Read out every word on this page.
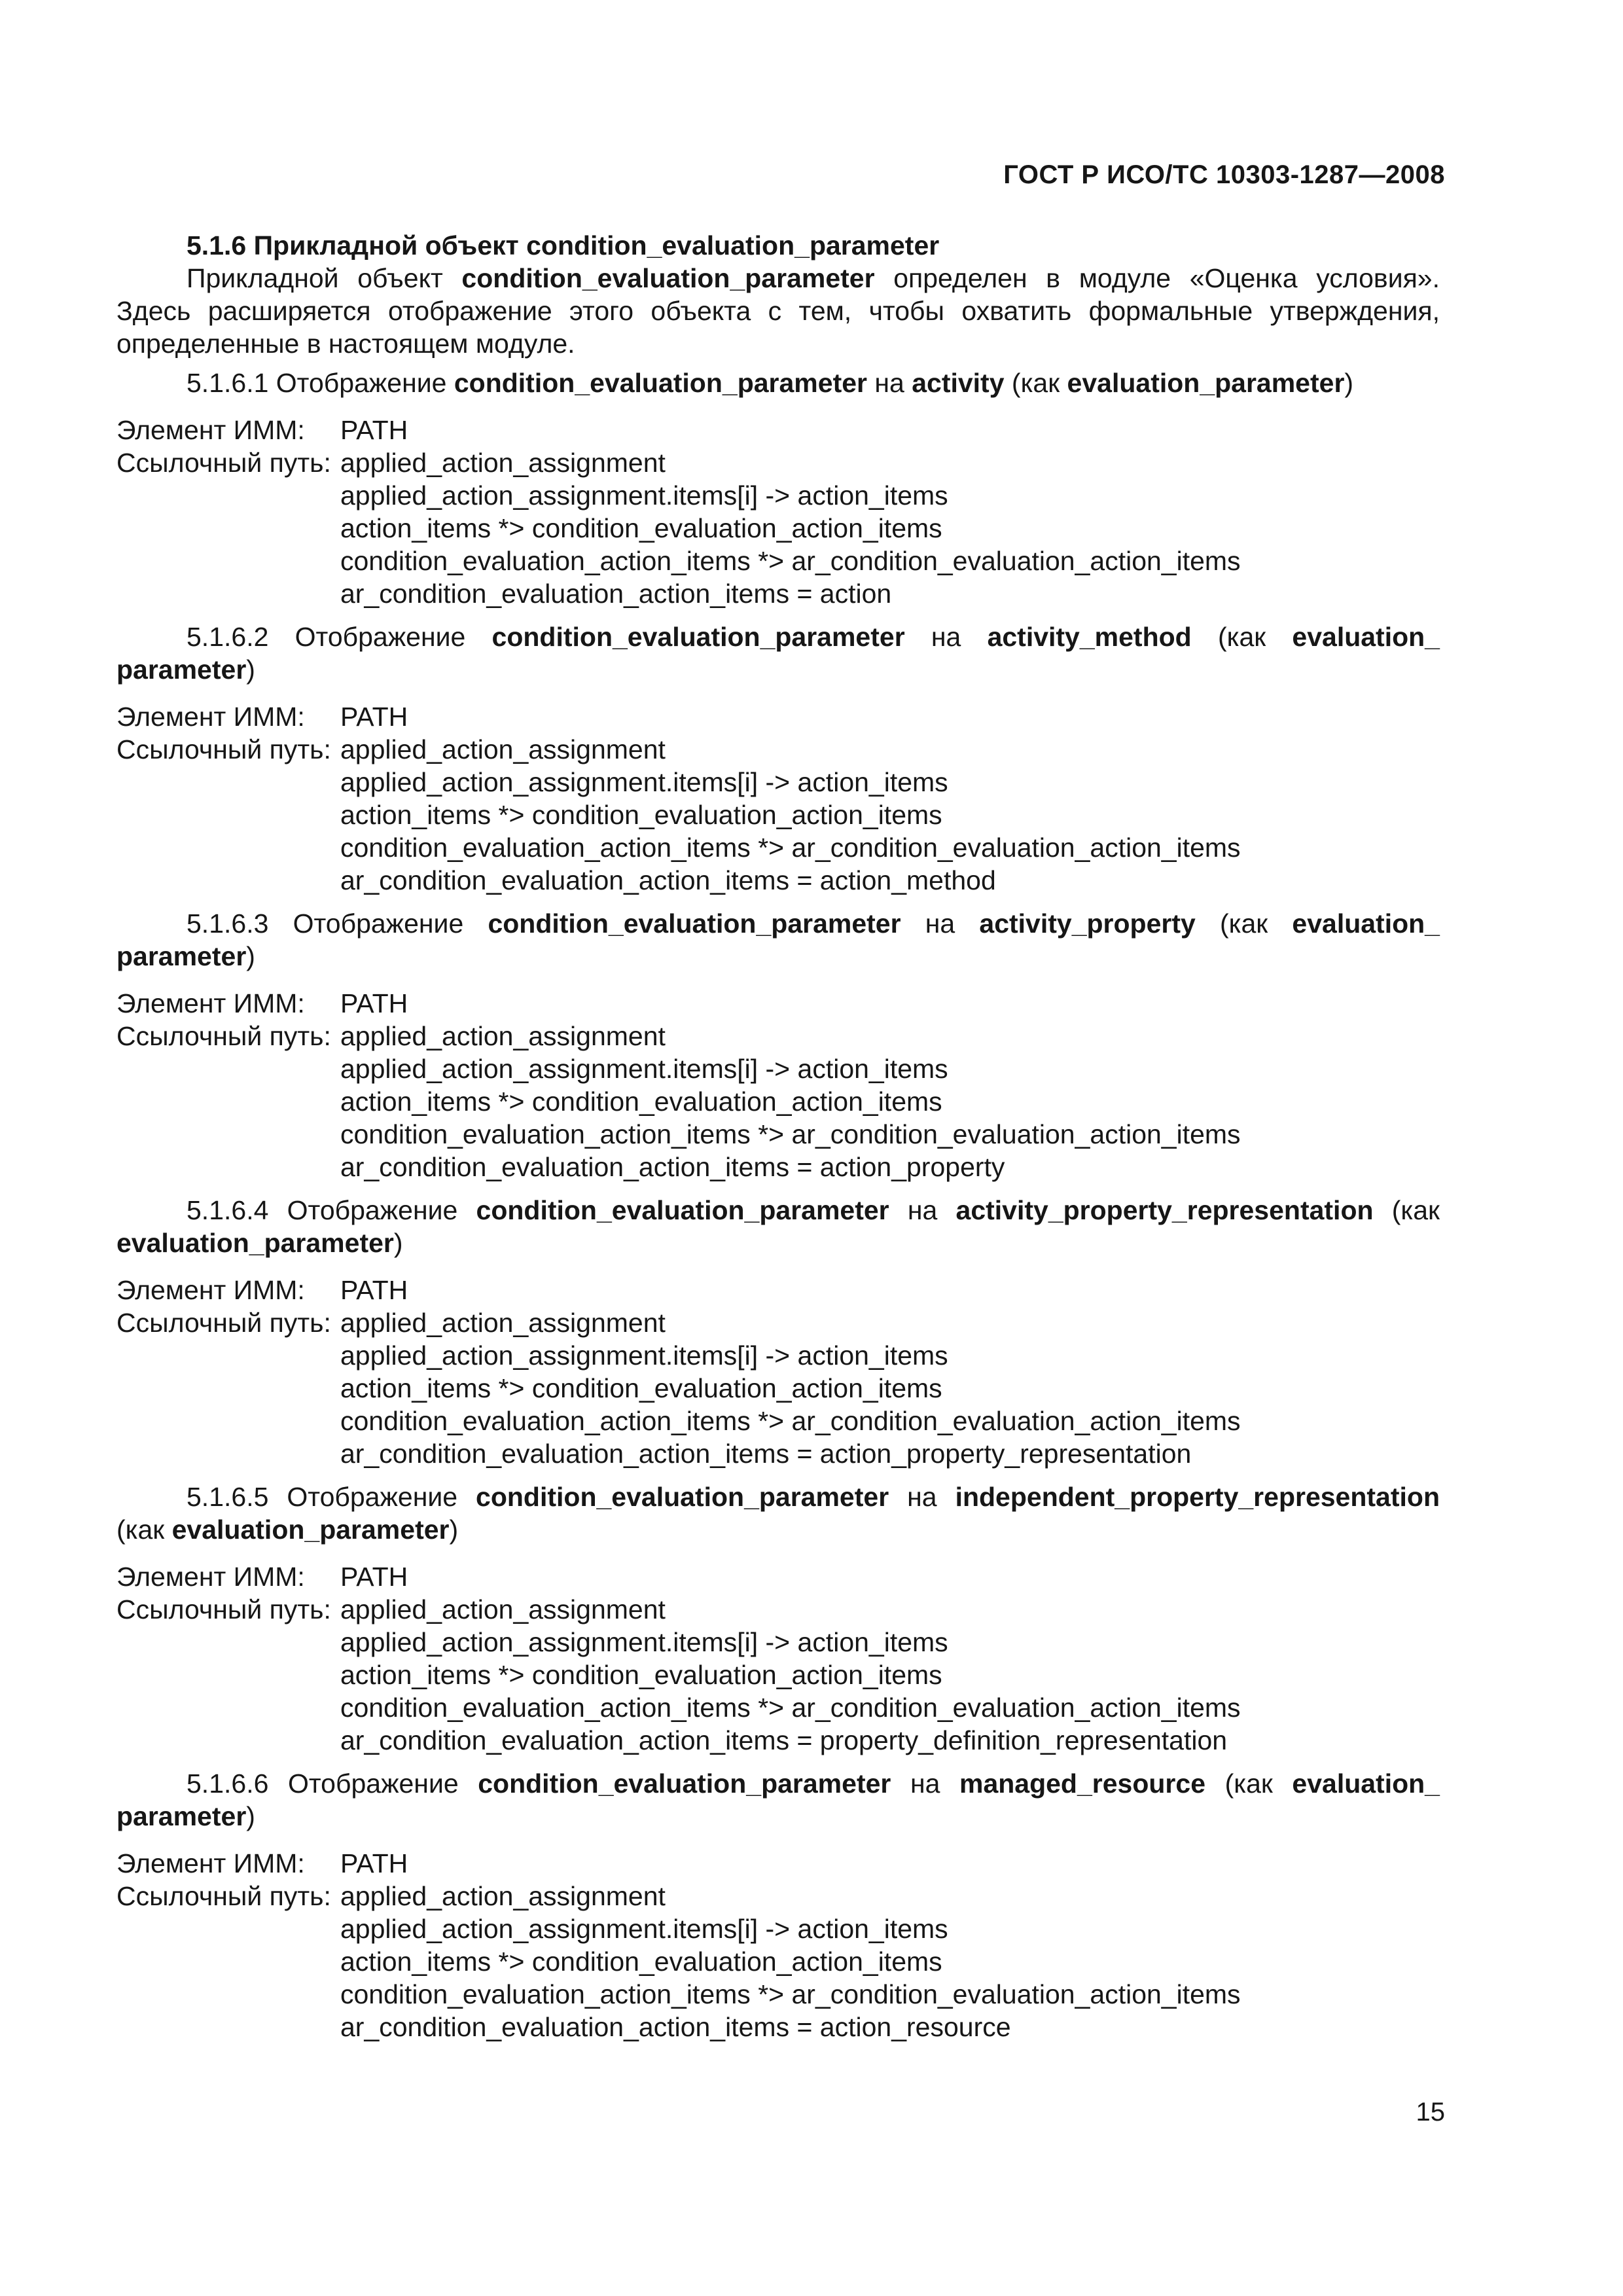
ГОСТ Р ИСО/ТС 10303-1287—2008
5.1.6 Прикладной объект condition_evaluation_parameter
Прикладной объект condition_evaluation_parameter определен в модуле «Оценка условия». Здесь расширяется отображение этого объекта с тем, чтобы охватить формальные утверждения, определенные в настоящем модуле.
5.1.6.1 Отображение condition_evaluation_parameter на activity (как evaluation_parameter)
Элемент ИММ:	PATH
Ссылочный путь: applied_action_assignment
applied_action_assignment.items[i] -> action_items
action_items *> condition_evaluation_action_items
condition_evaluation_action_items *> ar_condition_evaluation_action_items
ar_condition_evaluation_action_items = action
5.1.6.2 Отображение condition_evaluation_parameter на activity_method (как evaluation_ parameter)
Элемент ИММ:	PATH
Ссылочный путь: applied_action_assignment
applied_action_assignment.items[i] -> action_items
action_items *> condition_evaluation_action_items
condition_evaluation_action_items *> ar_condition_evaluation_action_items
ar_condition_evaluation_action_items = action_method
5.1.6.3 Отображение condition_evaluation_parameter на activity_property (как evaluation_ parameter)
Элемент ИММ:	PATH
Ссылочный путь: applied_action_assignment
applied_action_assignment.items[i] -> action_items
action_items *> condition_evaluation_action_items
condition_evaluation_action_items *> ar_condition_evaluation_action_items
ar_condition_evaluation_action_items = action_property
5.1.6.4 Отображение condition_evaluation_parameter на activity_property_representation (как evaluation_parameter)
Элемент ИММ:	PATH
Ссылочный путь: applied_action_assignment
applied_action_assignment.items[i] -> action_items
action_items *> condition_evaluation_action_items
condition_evaluation_action_items *> ar_condition_evaluation_action_items
ar_condition_evaluation_action_items = action_property_representation
5.1.6.5 Отображение condition_evaluation_parameter на independent_property_representation (как evaluation_parameter)
Элемент ИММ:	PATH
Ссылочный путь: applied_action_assignment
applied_action_assignment.items[i] -> action_items
action_items *> condition_evaluation_action_items
condition_evaluation_action_items *> ar_condition_evaluation_action_items
ar_condition_evaluation_action_items = property_definition_representation
5.1.6.6 Отображение condition_evaluation_parameter на managed_resource (как evaluation_ parameter)
Элемент ИММ:	PATH
Ссылочный путь: applied_action_assignment
applied_action_assignment.items[i] -> action_items
action_items *> condition_evaluation_action_items
condition_evaluation_action_items *> ar_condition_evaluation_action_items
ar_condition_evaluation_action_items = action_resource
15
